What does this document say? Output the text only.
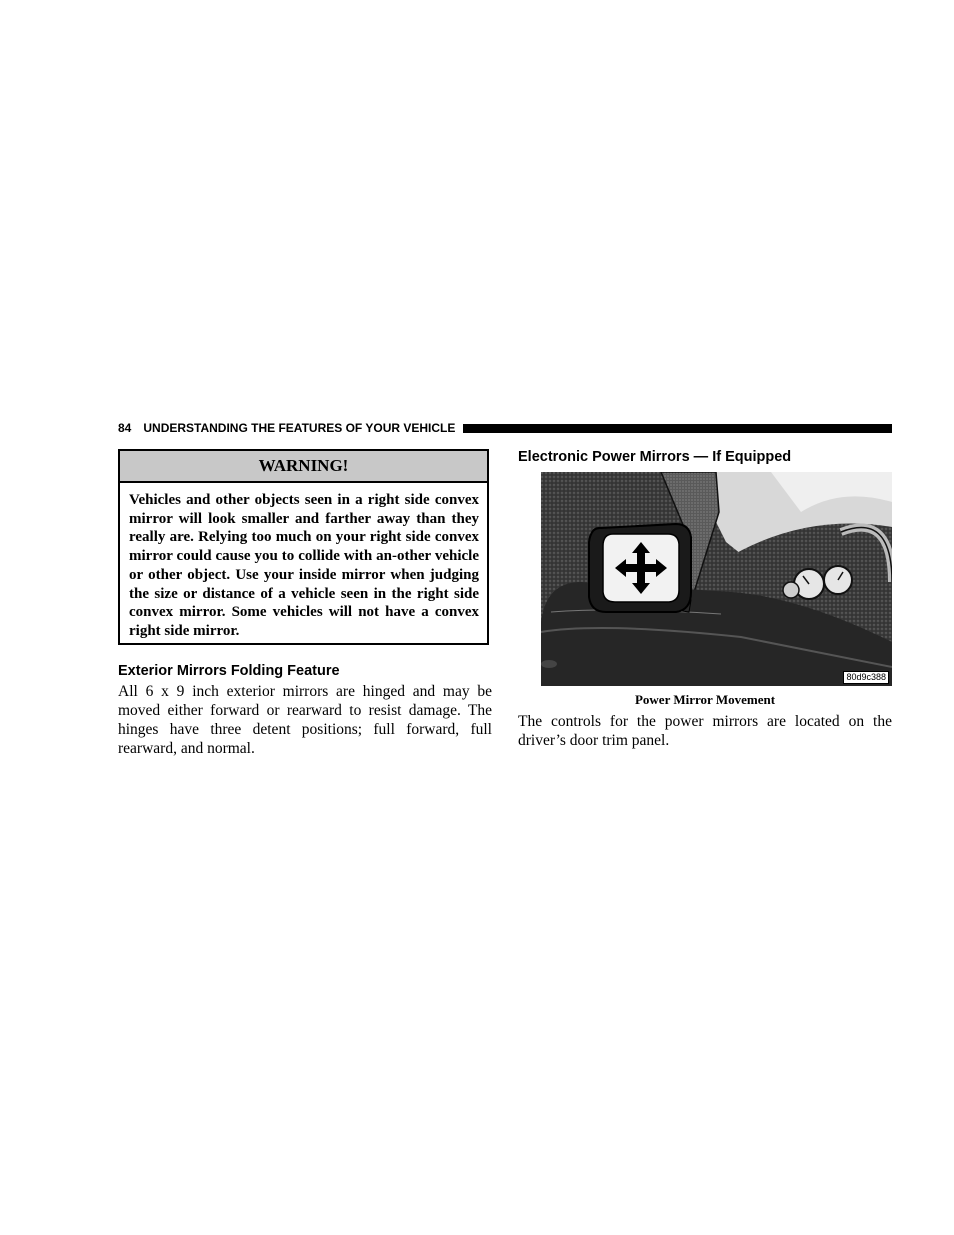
84 UNDERSTANDING THE FEATURES OF YOUR VEHICLE
WARNING!
Vehicles and other objects seen in a right side convex mirror will look smaller and farther away than they really are. Relying too much on your right side convex mirror could cause you to collide with an-other vehicle or other object. Use your inside mirror when judging the size or distance of a vehicle seen in the right side convex mirror. Some vehicles will not have a convex right side mirror.
Exterior Mirrors Folding Feature
All 6 x 9 inch exterior mirrors are hinged and may be moved either forward or rearward to resist damage. The hinges have three detent positions; full forward, full rearward, and normal.
Electronic Power Mirrors — If Equipped
80d9c388
Power Mirror Movement
The controls for the power mirrors are located on the driver’s door trim panel.
